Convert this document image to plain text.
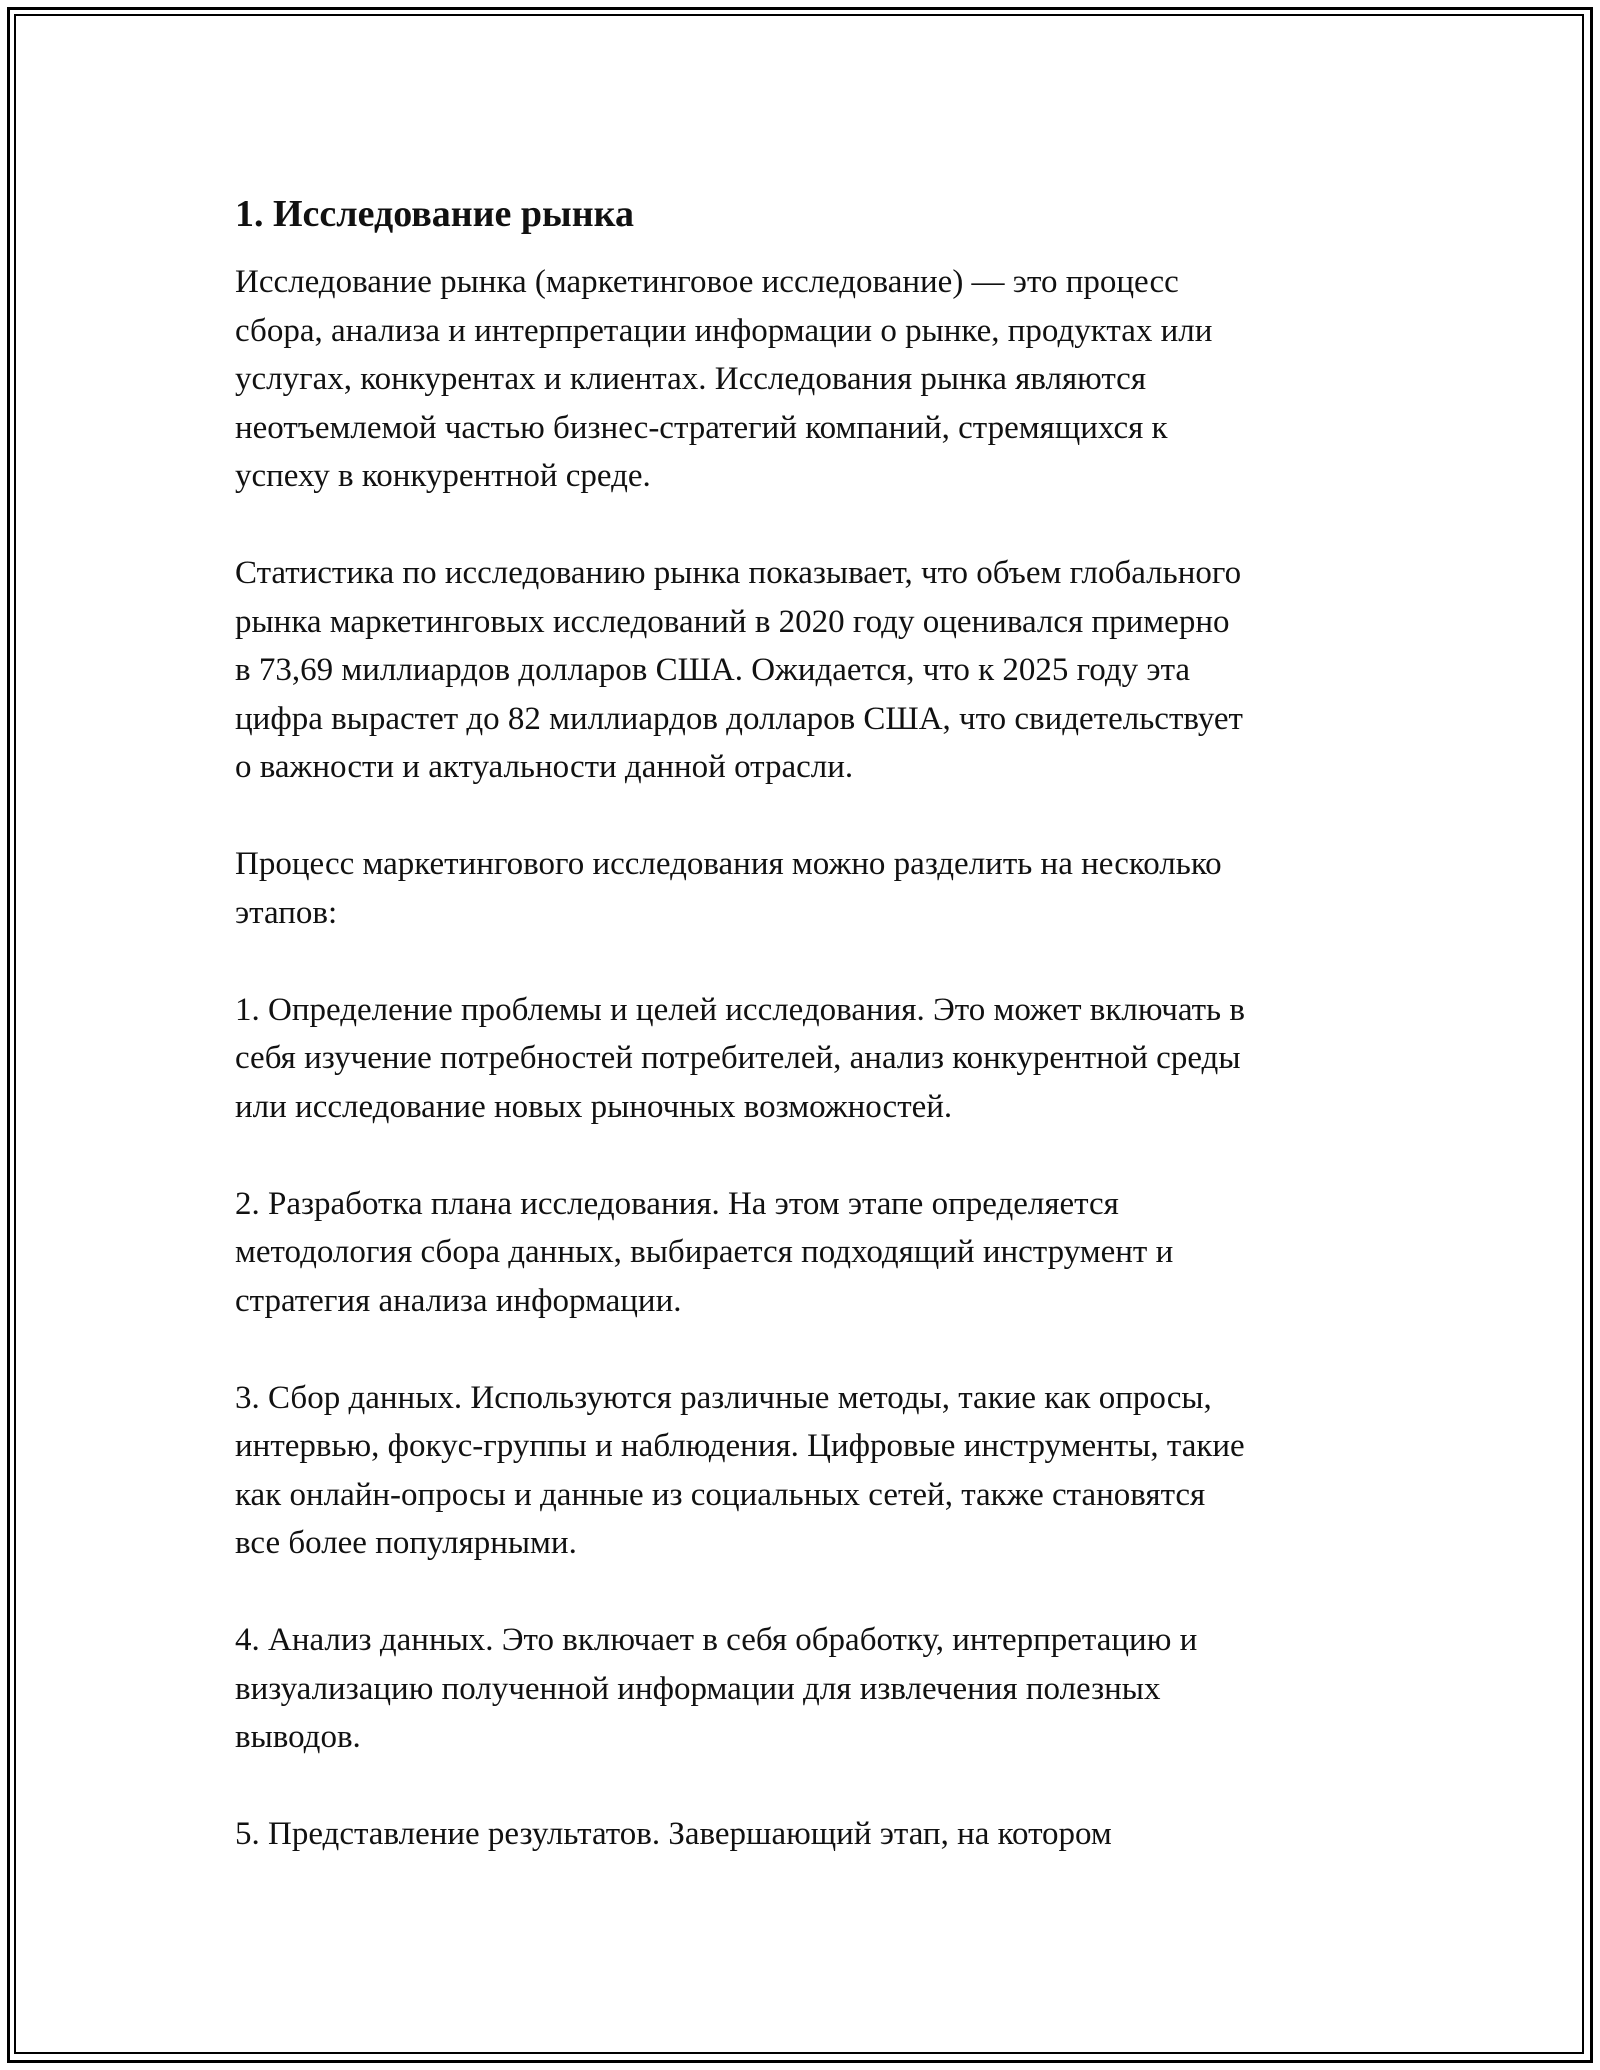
1. Исследование рынка

Исследование рынка (маркетинговое исследование) — это процесс
сбора, анализа и интерпретации информации о рынке, продуктах или
услугах, конкурентах и клиентах. Исследования рынка являются
неотъемлемой частью бизнес-стратегий компаний, стремящихся к
успеху в конкурентной среде.

Статистика по исследованию рынка показывает, что объем глобального
рынка маркетинговых исследований в 2020 году оценивался примерно
в 73,69 миллиардов долларов США. Ожидается, что к 2025 году эта
цифра вырастет до 82 миллиардов долларов США, что свидетельствует
о важности и актуальности данной отрасли.

Процесс маркетингового исследования можно разделить на несколько
этапов:

1. Определение проблемы и целей исследования. Это может включать в
себя изучение потребностей потребителей, анализ конкурентной среды
или исследование новых рыночных возможностей.

2. Разработка плана исследования. На этом этапе определяется
методология сбора данных, выбирается подходящий инструмент и
стратегия анализа информации.

3. Сбор данных. Используются различные методы, такие как опросы,
интервью, фокус-группы и наблюдения. Цифровые инструменты, такие
как онлайн-опросы и данные из социальных сетей, также становятся
все более популярными.

4. Анализ данных. Это включает в себя обработку, интерпретацию и
визуализацию полученной информации для извлечения полезных
выводов.

5. Представление результатов. Завершающий этап, на котором
